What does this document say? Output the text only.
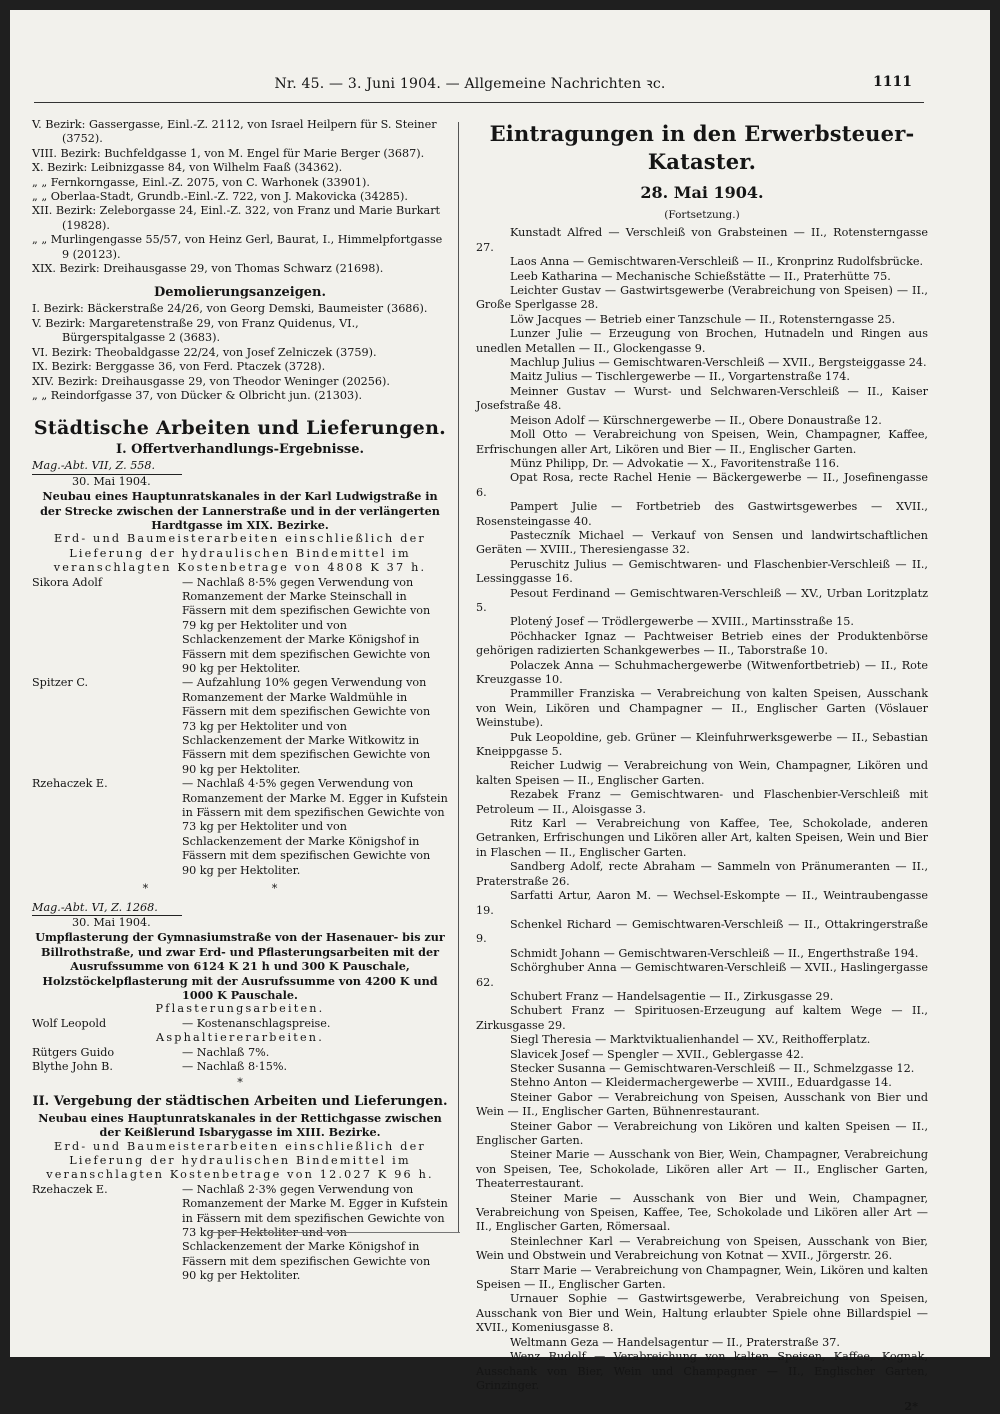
Nr. 45. — 3. Juni 1904. — Allgemeine Nachrichten ꝛc.	1111

V. Bezirk: Gassergasse, Einl.-Z. 2112, von Israel Heilpern für S. Steiner (3752).

VIII. Bezirk: Buchfeldgasse 1, von M. Engel für Marie Berger (3687).

X. Bezirk: Leibnizgasse 84, von Wilhelm Faaß (34362).

„ „ Fernkorngasse, Einl.-Z. 2075, von C. Warhonek (33901).

„ „ Oberlaa-Stadt, Grundb.-Einl.-Z. 722, von J. Makovicka (34285).

XII. Bezirk: Zeleborgasse 24, Einl.-Z. 322, von Franz und Marie Burkart (19828).

„ „ Murlingengasse 55/57, von Heinz Gerl, Baurat, I., Himmelpfortgasse 9 (20123).

XIX. Bezirk: Dreihausgasse 29, von Thomas Schwarz (21698).

Demolierungsanzeigen.

I. Bezirk: Bäckerstraße 24/26, von Georg Demski, Baumeister (3686).

V. Bezirk: Margaretenstraße 29, von Franz Quidenus, VI., Bürgerspitalgasse 2 (3683).

VI. Bezirk: Theobaldgasse 22/24, von Josef Zelniczek (3759).

IX. Bezirk: Berggasse 36, von Ferd. Ptaczek (3728).

XIV. Bezirk: Dreihausgasse 29, von Theodor Weninger (20256).

„ „ Reindorfgasse 37, von Dücker & Olbricht jun. (21303).

Städtische Arbeiten und Lieferungen.

I. Offertverhandlungs-Ergebnisse.

Mag.-Abt. VII, Z. 558.

30. Mai 1904.

Neubau eines Hauptunratskanales in der Karl Ludwigstraße in der Strecke zwischen der Lannerstraße und in der verlängerten Hardtgasse im XIX. Bezirke.

Erd- und Baumeisterarbeiten einschließlich der Lieferung der hydraulischen Bindemittel im veranschlagten Kostenbetrage von 4808 K 37 h.

Sikora Adolf	— Nachlaß 8·5% gegen Verwendung von Romanzement der Marke Steinschall in Fässern mit dem spezifischen Gewichte von 79 kg per Hektoliter und von Schlackenzement der Marke Königshof in Fässern mit dem spezifischen Gewichte von 90 kg per Hektoliter.
Spitzer C.	— Aufzahlung 10% gegen Verwendung von Romanzement der Marke Waldmühle in Fässern mit dem spezifischen Gewichte von 73 kg per Hektoliter und von Schlackenzement der Marke Witkowitz in Fässern mit dem spezifischen Gewichte von 90 kg per Hektoliter.
Rzehaczek E.	— Nachlaß 4·5% gegen Verwendung von Romanzement der Marke M. Egger in Kufstein in Fässern mit dem spezifischen Gewichte von 73 kg per Hektoliter und von Schlackenzement der Marke Königshof in Fässern mit dem spezifischen Gewichte von 90 kg per Hektoliter.

* *

Mag.-Abt. VI, Z. 1268.

30. Mai 1904.

Umpflasterung der Gymnasiumstraße von der Hasenauer- bis zur Billrothstraße, und zwar Erd- und Pflasterungsarbeiten mit der Ausrufssumme von 6124 K 21 h und 300 K Pauschale, Holzstöckelpflasterung mit der Ausrufssumme von 4200 K und 1000 K Pauschale.

Pflasterungsarbeiten.

Wolf Leopold	— Kostenanschlagspreise.

Asphaltiererarbeiten.

Rütgers Guido	— Nachlaß 7%.
Blythe John B.	— Nachlaß 8·15%.

*

II. Vergebung der städtischen Arbeiten und Lieferungen.

Neubau eines Hauptunratskanales in der Rettichgasse zwischen der Keißlerund Isbarygasse im XIII. Bezirke.

Erd- und Baumeisterarbeiten einschließlich der Lieferung der hydraulischen Bindemittel im veranschlagten Kostenbetrage von 12.027 K 96 h.

Rzehaczek E.	— Nachlaß 2·3% gegen Verwendung von Romanzement der Marke M. Egger in Kufstein in Fässern mit dem spezifischen Gewichte von 73 kg per Hektoliter und von Schlackenzement der Marke Königshof in Fässern mit dem spezifischen Gewichte von 90 kg per Hektoliter.

Eintragungen in den Erwerbsteuer-Kataster.

28. Mai 1904.

(Fortsetzung.)

Kunstadt Alfred — Verschleiß von Grabsteinen — II., Rotensterngasse 27.

Laos Anna — Gemischtwaren-Verschleiß — II., Kronprinz Rudolfsbrücke.

Leeb Katharina — Mechanische Schießstätte — II., Praterhütte 75.

Leichter Gustav — Gastwirtsgewerbe (Verabreichung von Speisen) — II., Große Sperlgasse 28.

Löw Jacques — Betrieb einer Tanzschule — II., Rotensterngasse 25.

Lunzer Julie — Erzeugung von Brochen, Hutnadeln und Ringen aus unedlen Metallen — II., Glockengasse 9.

Machlup Julius — Gemischtwaren-Verschleiß — XVII., Bergsteiggasse 24.

Maitz Julius — Tischlergewerbe — II., Vorgartenstraße 174.

Meinner Gustav — Wurst- und Selchwaren-Verschleiß — II., Kaiser Josefstraße 48.

Meison Adolf — Kürschnergewerbe — II., Obere Donaustraße 12.

Moll Otto — Verabreichung von Speisen, Wein, Champagner, Kaffee, Erfrischungen aller Art, Likören und Bier — II., Englischer Garten.

Münz Philipp, Dr. — Advokatie — X., Favoritenstraße 116.

Opat Rosa, recte Rachel Henie — Bäckergewerbe — II., Josefinengasse 6.

Pampert Julie — Fortbetrieb des Gastwirtsgewerbes — XVII., Rosensteingasse 40.

Pasteczník Michael — Verkauf von Sensen und landwirtschaftlichen Geräten — XVIII., Theresiengasse 32.

Peruschitz Julius — Gemischtwaren- und Flaschenbier-Verschleiß — II., Lessinggasse 16.

Pesout Ferdinand — Gemischtwaren-Verschleiß — XV., Urban Loritzplatz 5.

Plotený Josef — Trödlergewerbe — XVIII., Martinsstraße 15.

Pöchhacker Ignaz — Pachtweiser Betrieb eines der Produktenbörse gehörigen radizierten Schankgewerbes — II., Taborstraße 10.

Polaczek Anna — Schuhmachergewerbe (Witwenfortbetrieb) — II., Rote Kreuzgasse 10.

Prammiller Franziska — Verabreichung von kalten Speisen, Ausschank von Wein, Likören und Champagner — II., Englischer Garten (Vöslauer Weinstube).

Puk Leopoldine, geb. Grüner — Kleinfuhrwerksgewerbe — II., Sebastian Kneippgasse 5.

Reicher Ludwig — Verabreichung von Wein, Champagner, Likören und kalten Speisen — II., Englischer Garten.

Rezabek Franz — Gemischtwaren- und Flaschenbier-Verschleiß mit Petroleum — II., Aloisgasse 3.

Ritz Karl — Verabreichung von Kaffee, Tee, Schokolade, anderen Getranken, Erfrischungen und Likören aller Art, kalten Speisen, Wein und Bier in Flaschen — II., Englischer Garten.

Sandberg Adolf, recte Abraham — Sammeln von Pränumeranten — II., Praterstraße 26.

Sarfatti Artur, Aaron M. — Wechsel-Eskompte — II., Weintraubengasse 19.

Schenkel Richard — Gemischtwaren-Verschleiß — II., Ottakringerstraße 9.

Schmidt Johann — Gemischtwaren-Verschleiß — II., Engerthstraße 194.

Schörghuber Anna — Gemischtwaren-Verschleiß — XVII., Haslingergasse 62.

Schubert Franz — Handelsagentie — II., Zirkusgasse 29.

Schubert Franz — Spirituosen-Erzeugung auf kaltem Wege — II., Zirkusgasse 29.

Siegl Theresia — Marktviktualienhandel — XV., Reithofferplatz.

Slavicek Josef — Spengler — XVII., Geblergasse 42.

Stecker Susanna — Gemischtwaren-Verschleiß — II., Schmelzgasse 12.

Stehno Anton — Kleidermachergewerbe — XVIII., Eduardgasse 14.

Steiner Gabor — Verabreichung von Speisen, Ausschank von Bier und Wein — II., Englischer Garten, Bühnenrestaurant.

Steiner Gabor — Verabreichung von Likören und kalten Speisen — II., Englischer Garten.

Steiner Marie — Ausschank von Bier, Wein, Champagner, Verabreichung von Speisen, Tee, Schokolade, Likören aller Art — II., Englischer Garten, Theaterrestaurant.

Steiner Marie — Ausschank von Bier und Wein, Champagner, Verabreichung von Speisen, Kaffee, Tee, Schokolade und Likören aller Art — II., Englischer Garten, Römersaal.

Steinlechner Karl — Verabreichung von Speisen, Ausschank von Bier, Wein und Obstwein und Verabreichung von Kotnat — XVII., Jörgerstr. 26.

Starr Marie — Verabreichung von Champagner, Wein, Likören und kalten Speisen — II., Englischer Garten.

Urnauer Sophie — Gastwirtsgewerbe, Verabreichung von Speisen, Ausschank von Bier und Wein, Haltung erlaubter Spiele ohne Billardspiel — XVII., Komeniusgasse 8.

Weltmann Geza — Handelsagentur — II., Praterstraße 37.

Wenz Rudolf — Verabreichung von kalten Speisen, Kaffee, Kognak, Ausschank von Bier, Wein und Champagner — II., Englischer Garten, Grinzinger.

2*
